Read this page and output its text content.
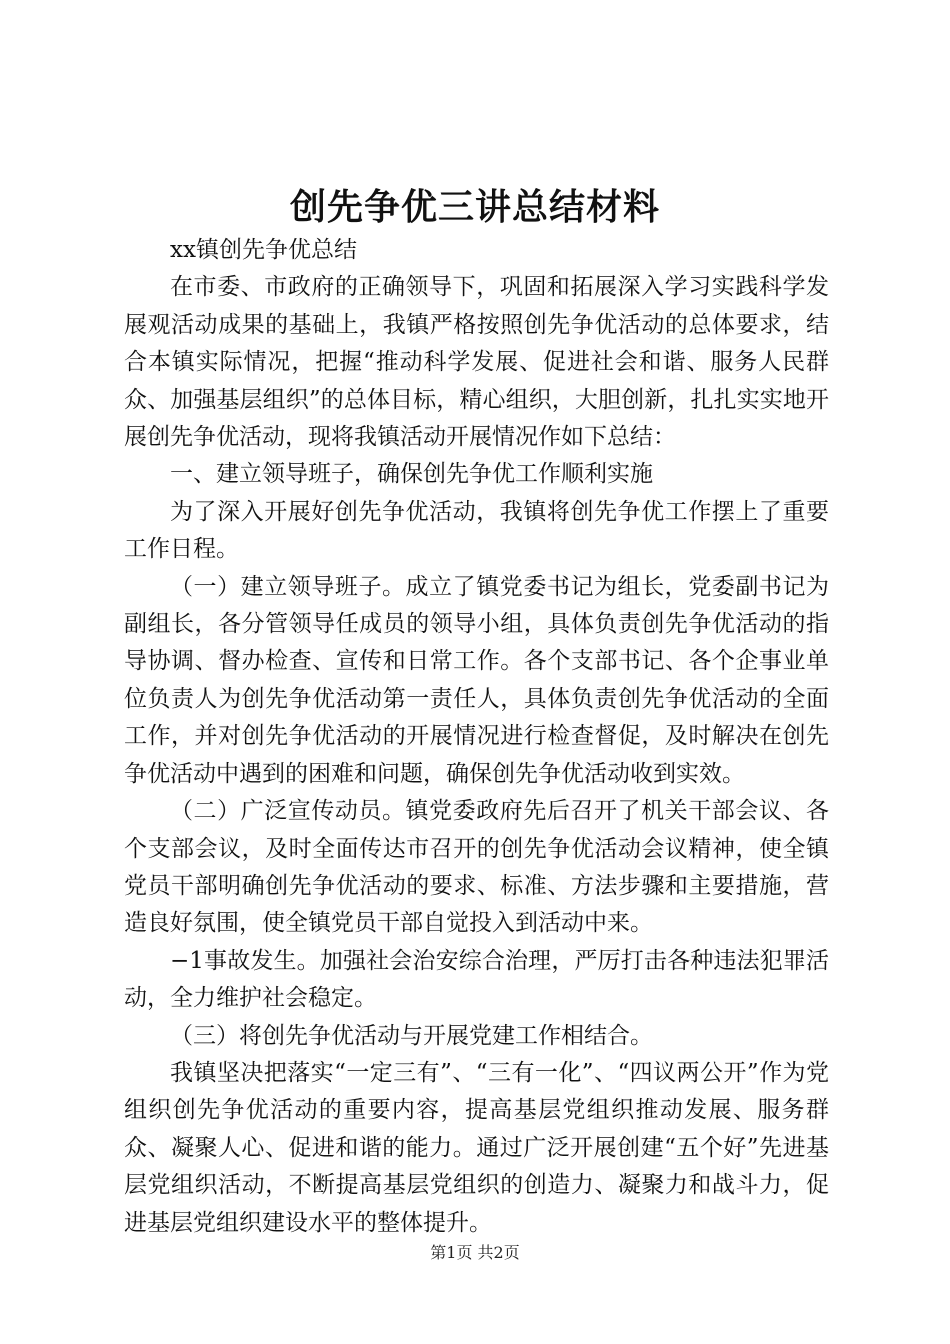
创先争优三讲总结材料

xx镇创先争优总结

在市委、市政府的正确领导下，巩固和拓展深入学习实践科学发展观活动成果的基础上，我镇严格按照创先争优活动的总体要求，结合本镇实际情况，把握“推动科学发展、促进社会和谐、服务人民群众、加强基层组织”的总体目标，精心组织，大胆创新，扎扎实实地开展创先争优活动，现将我镇活动开展情况作如下总结：

一、建立领导班子，确保创先争优工作顺利实施

为了深入开展好创先争优活动，我镇将创先争优工作摆上了重要工作日程。

（一）建立领导班子。成立了镇党委书记为组长，党委副书记为副组长，各分管领导任成员的领导小组，具体负责创先争优活动的指导协调、督办检查、宣传和日常工作。各个支部书记、各个企事业单位负责人为创先争优活动第一责任人，具体负责创先争优活动的全面工作，并对创先争优活动的开展情况进行检查督促，及时解决在创先争优活动中遇到的困难和问题，确保创先争优活动收到实效。

（二）广泛宣传动员。镇党委政府先后召开了机关干部会议、各个支部会议，及时全面传达市召开的创先争优活动会议精神，使全镇党员干部明确创先争优活动的要求、标准、方法步骤和主要措施，营造良好氛围，使全镇党员干部自觉投入到活动中来。

−1事故发生。加强社会治安综合治理，严厉打击各种违法犯罪活动，全力维护社会稳定。

（三）将创先争优活动与开展党建工作相结合。

我镇坚决把落实“一定三有”、“三有一化”、“四议两公开”作为党组织创先争优活动的重要内容，提高基层党组织推动发展、服务群众、凝聚人心、促进和谐的能力。通过广泛开展创建“五个好”先进基层党组织活动，不断提高基层党组织的创造力、凝聚力和战斗力，促进基层党组织建设水平的整体提升。

第1页 共2页
